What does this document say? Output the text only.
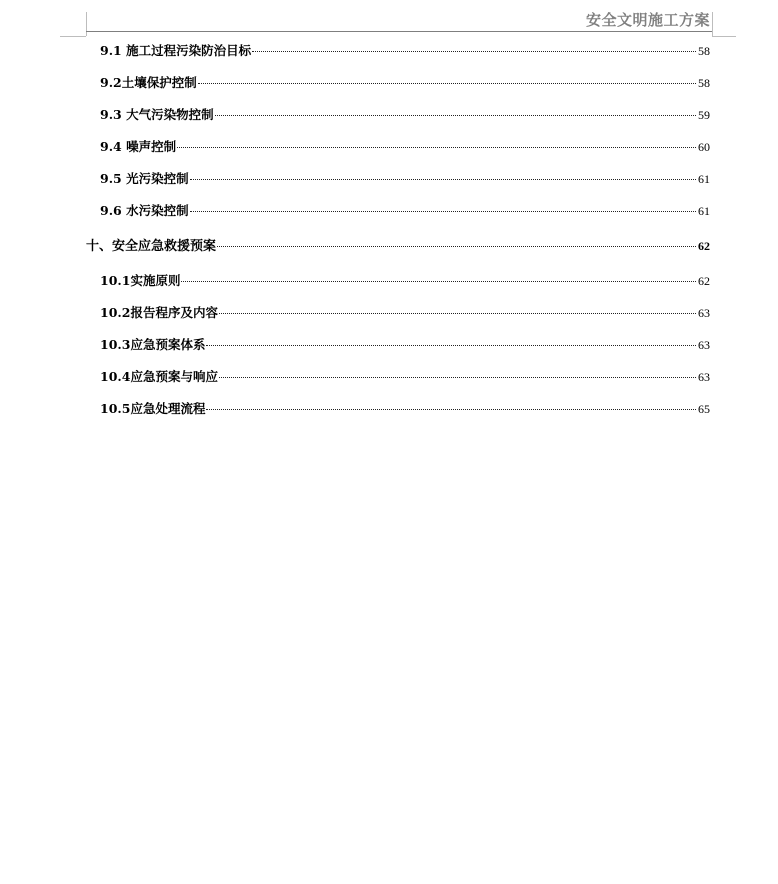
安全文明施工方案
9.1 施工过程污染防治目标	58
9.2土壤保护控制	58
9.3 大气污染物控制	59
9.4 噪声控制	60
9.5 光污染控制	61
9.6 水污染控制	61
十、安全应急救援预案	62
10.1实施原则	62
10.2报告程序及内容	63
10.3应急预案体系	63
10.4应急预案与响应	63
10.5应急处理流程	65
